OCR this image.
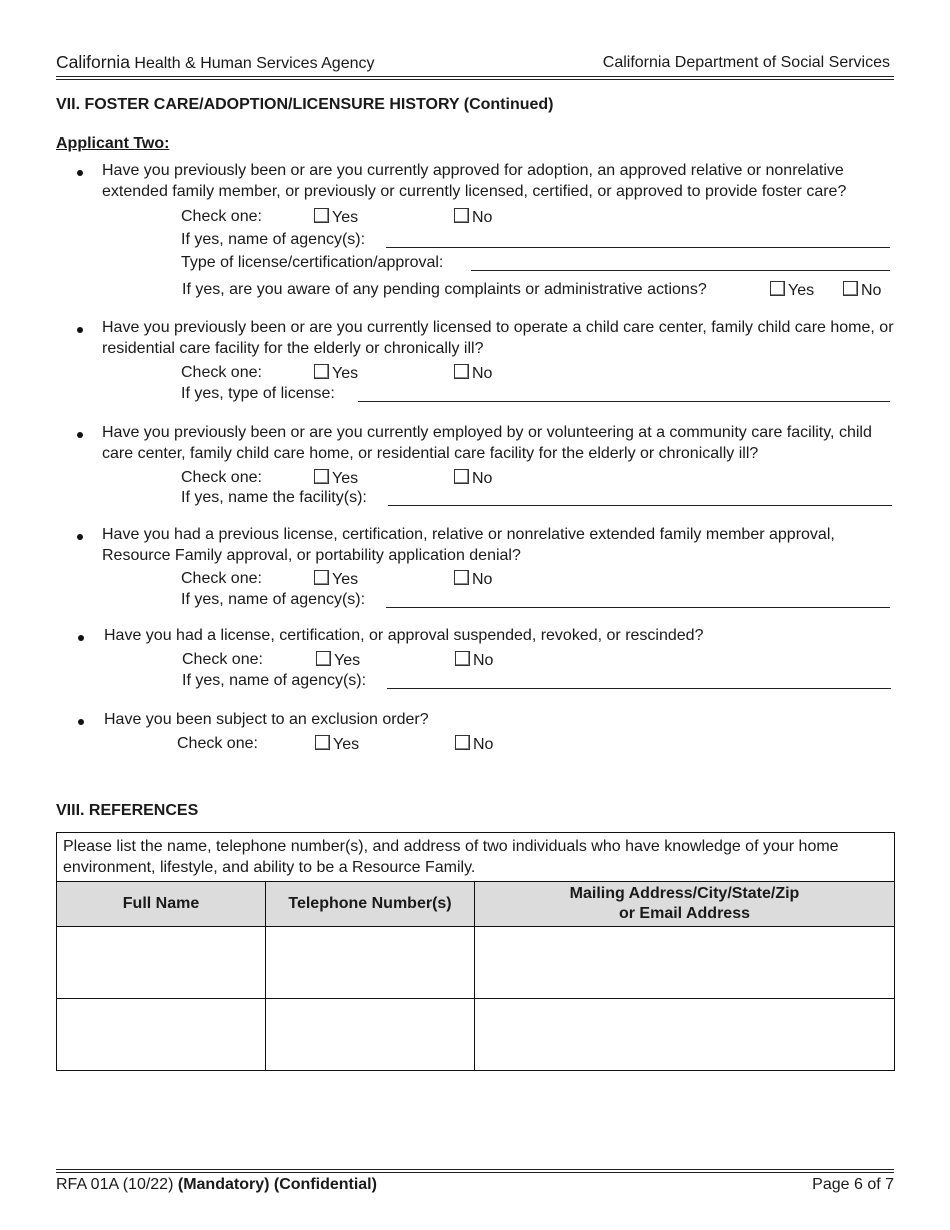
California Health & Human Services Agency	California Department of Social Services
VII. FOSTER CARE/ADOPTION/LICENSURE HISTORY (Continued)
Applicant Two:
Have you previously been or are you currently approved for adoption, an approved relative or nonrelative extended family member, or previously or currently licensed, certified, or approved to provide foster care?
Check one:	Yes	No
If yes, name of agency(s):
Type of license/certification/approval:
If yes, are you aware of any pending complaints or administrative actions?	Yes	No
Have you previously been or are you currently licensed to operate a child care center, family child care home, or residential care facility for the elderly or chronically ill?
Check one:	Yes	No
If yes, type of license:
Have you previously been or are you currently employed by or volunteering at a community care facility, child care center, family child care home, or residential care facility for the elderly or chronically ill?
Check one:	Yes	No
If yes, name the facility(s):
Have you had a previous license, certification, relative or nonrelative extended family member approval, Resource Family approval, or portability application denial?
Check one:	Yes	No
If yes, name of agency(s):
Have you had a license, certification, or approval suspended, revoked, or rescinded?
Check one:	Yes	No
If yes, name of agency(s):
Have you been subject to an exclusion order?
Check one:	Yes	No
VIII. REFERENCES
Please list the name, telephone number(s), and address of two individuals who have knowledge of your home environment, lifestyle, and ability to be a Resource Family.		
Full Name	Telephone Number(s)	Mailing Address/City/State/Zip
or Email Address

RFA 01A (10/22) (Mandatory) (Confidential)	Page 6 of 7
